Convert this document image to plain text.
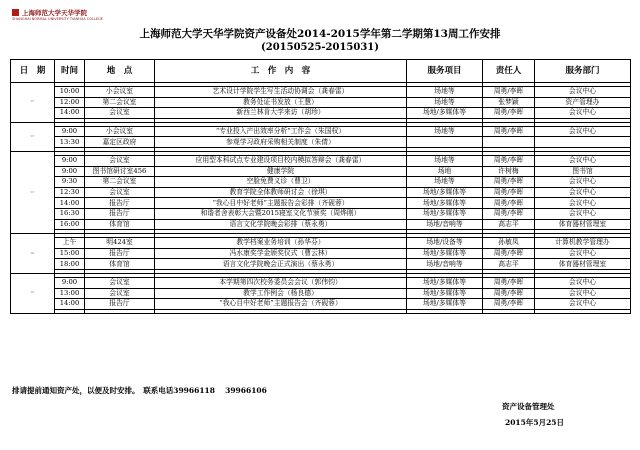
上海师范大学天华学院
SHANGHAI NORMAL UNIVERSITY TIANHUA COLLEGE
上海师范大学天华学院资产设备处2014-2015学年第二学期第13周工作安排
(20150525-2015031)
日　期	时间	地　点	工　作　内　容	服务项目	责任人	服务部门

5月25日
(周一)						

	10:00	小会议室	艺术设计学院学生写生活动协调会（龚春雷）	场地等	周勇/李晖	会议中心
	12:00	第二会议室	教务处证书发放（王慧）	场地等	张梦颖	资产管理办
	14:00	会议室	新西兰林肯大学来访（胡珍）	场地/多媒体等	周勇/李晖	会议中心

5月26日
(周二)						

	9:00	小会议室	“专业投入产出效率分析”工作会（朱国权）	场地等	周勇/李晖	会议中心
	13:30	嘉定区政府	参观学习政府采购相关制度（朱倩）			

5月27日
(周三)						

	9:00	会议室	应用型本科试点专业建设项目校内模拟答辩会（龚春雷）	场地等	周勇/李晖	会议中心
	9:00	图书馆研讨室456	健康学院	场地	许树梅	图书馆
	9:30	第二会议室	空脸免费义诊（曹卫）	场地等	周勇/李晖	会议中心
	12:30	会议室	教育学院全体教师研讨会（徐琪）	场地/多媒体等	周勇/李晖	会议中心
	14:00	报告厅	“我心目中好老师”主题报告会彩排（齐砚蓉）	场地/多媒体等	周勇/李晖	会议中心
	16:30	报告厅	和谐者舍表彰大会暨2015寝室文化节颁奖（周烨刚）	场地/多媒体等	周勇/李晖	会议中心
	16:00	体育馆	语言文化学院晚会彩排（蔡永勇）	场地/音响等	高志平	体育器材管理室

5月28日
(周四)						

	上午	明424室	教学档案业务培训（孙华芬）	场地/设备等	孙敏凤	计算机教学管理办
	15:00	报告厅	冯水康奖学金颁奖仪式（曹云林）	场地/多媒体等	周勇/李晖	会议中心
	18:00	体育馆	语言文化学院晚会正式演出（蔡永勇）	场地/音响等	高志平	体育器材管理室

5月29日
（周五）						

	9:00	会议室	本学期第四次校务委员会会议（郭伟钧）	场地/多媒体等	周勇/李晖	会议中心
	13:00	会议室	教学工作例会（杨良德）	场地/多媒体等	周勇/李晖	会议中心
	14:00	报告厅	“我心目中好老师”主题报告会（齐砚蓉）	场地/多媒体等	周勇/李晖	会议中心

排请提前通知资产处，以便及时安排。　联系电话39966118　 39966106
资产设备管理处
2015年5月25日
